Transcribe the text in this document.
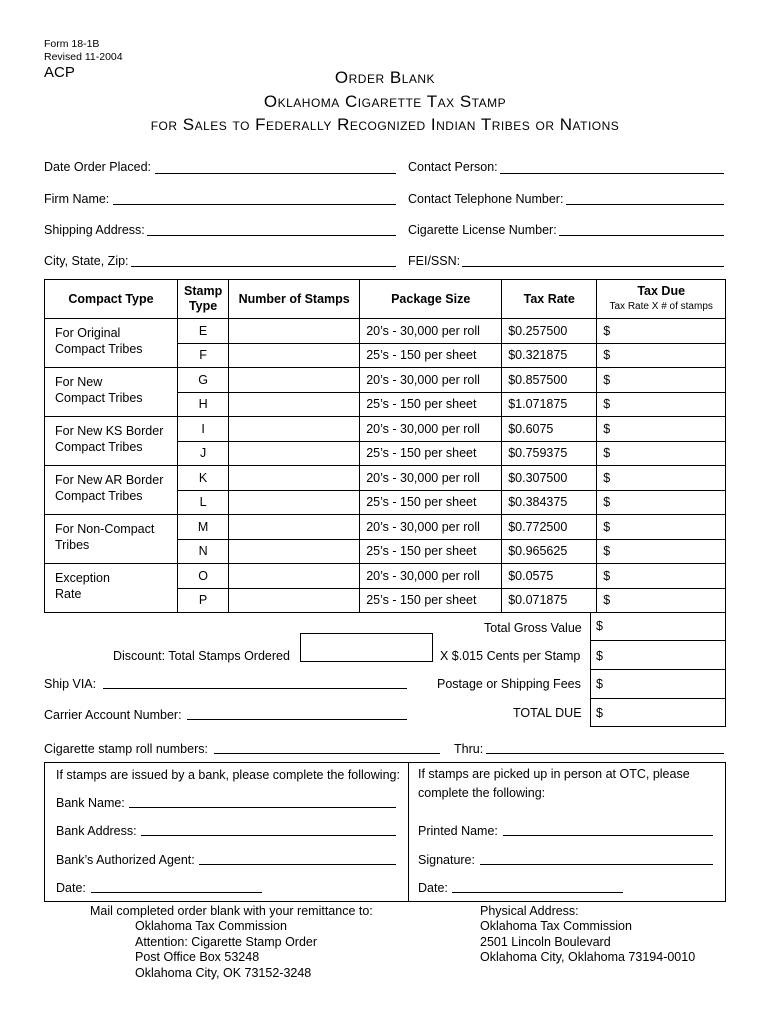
Form 18-1B
Revised 11-2004
ACP	Order Blank
Oklahoma Cigarette Tax Stamp
for Sales to Federally Recognized Indian Tribes or Nations
Date Order Placed:	Contact Person:
Firm Name:	Contact Telephone Number:
Shipping Address:	Cigarette License Number:
City, State, Zip:	FEI/SSN:
Compact Type	Stamp
Type	Number of Stamps	Package Size	Tax Rate	Tax Due
Tax Rate X # of stamps
For Original
Compact Tribes	E		20’s - 30,000 per roll	$0.257500	$
	F		25’s - 150 per sheet	$0.321875	$
For New
Compact Tribes	G		20’s - 30,000 per roll	$0.857500	$
	H		25’s - 150 per sheet	$1.071875	$
For New KS Border
Compact Tribes	I		20’s - 30,000 per roll	$0.6075	$
	J		25’s - 150 per sheet	$0.759375	$
For New AR Border
Compact Tribes	K		20’s - 30,000 per roll	$0.307500	$
	L		25’s - 150 per sheet	$0.384375	$
For Non-Compact
Tribes	M		20’s - 30,000 per roll	$0.772500	$
	N		25’s - 150 per sheet	$0.965625	$
Exception
Rate	O		20’s - 30,000 per roll	$0.0575	$
	P		25’s - 150 per sheet	$0.071875	$
Total Gross Value $
Discount: Total Stamps Ordered	X $.015 Cents per Stamp $
Ship VIA:	Postage or Shipping Fees $
Carrier Account Number:	TOTAL DUE $
Cigarette stamp roll numbers:	Thru:
If stamps are issued by a bank, please complete the following:
Bank Name:
Bank Address:
Bank’s Authorized Agent:
Date:
If stamps are picked up in person at OTC, please
complete the following:
Printed Name:
Signature:
Date:
Mail completed order blank with your remittance to:
Oklahoma Tax Commission
Attention: Cigarette Stamp Order
Post Office Box 53248
Oklahoma City, OK 73152-3248
Physical Address:
Oklahoma Tax Commission
2501 Lincoln Boulevard
Oklahoma City, Oklahoma 73194-0010
